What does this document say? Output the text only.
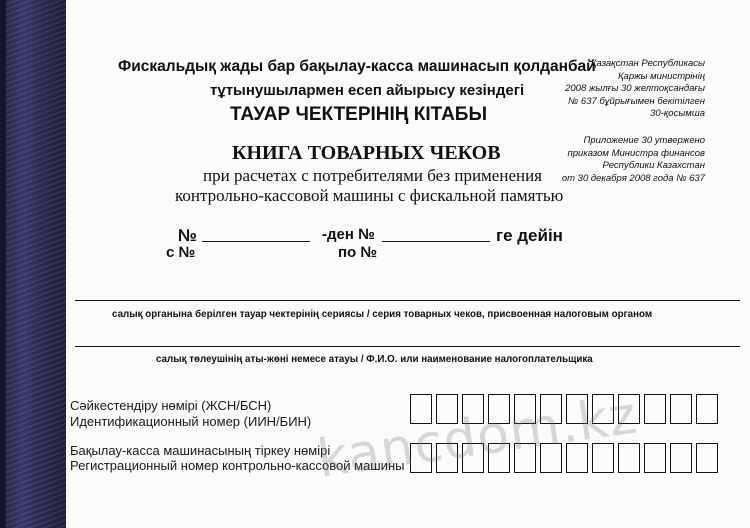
Фискальдық жады бар бақылау-касса машинасып қолданбай
тұтынушылармен есеп айырысу кезіндегі
ТАУАР ЧЕКТЕРІНІҢ КІТАБЫ
КНИГА ТОВАРНЫХ ЧЕКОВ
при расчетах с потребителями без применения
контрольно-кассовой машины с фискальной памятью
Қазақстан Республикасы
Қаржы министрінің
2008 жылғы 30 желтоқсандағы
№ 637 бұйрығымен бекітілген
30-қосымша
Приложение 30 утвержено
приказом Министра финансов
Республики Казахстан
от 30 декабря 2008 года № 637
№	-ден №	ге дейін
с №	по №
салық органына берілген тауар чектерінің сериясы / серия товарных чеков, присвоенная налоговым органом
салық төлеушінің аты-жөні немесе атауы / Ф.И.О. или наименование налогоплательщика
Сәйкестендіру нөмірі (ЖСН/БСН)
Идентификационный номер (ИИН/БИН)
Бақылау-касса машинасының тіркеу нөмірі
Регистрационный номер контрольно-кассовой машины
kancdom.kz
